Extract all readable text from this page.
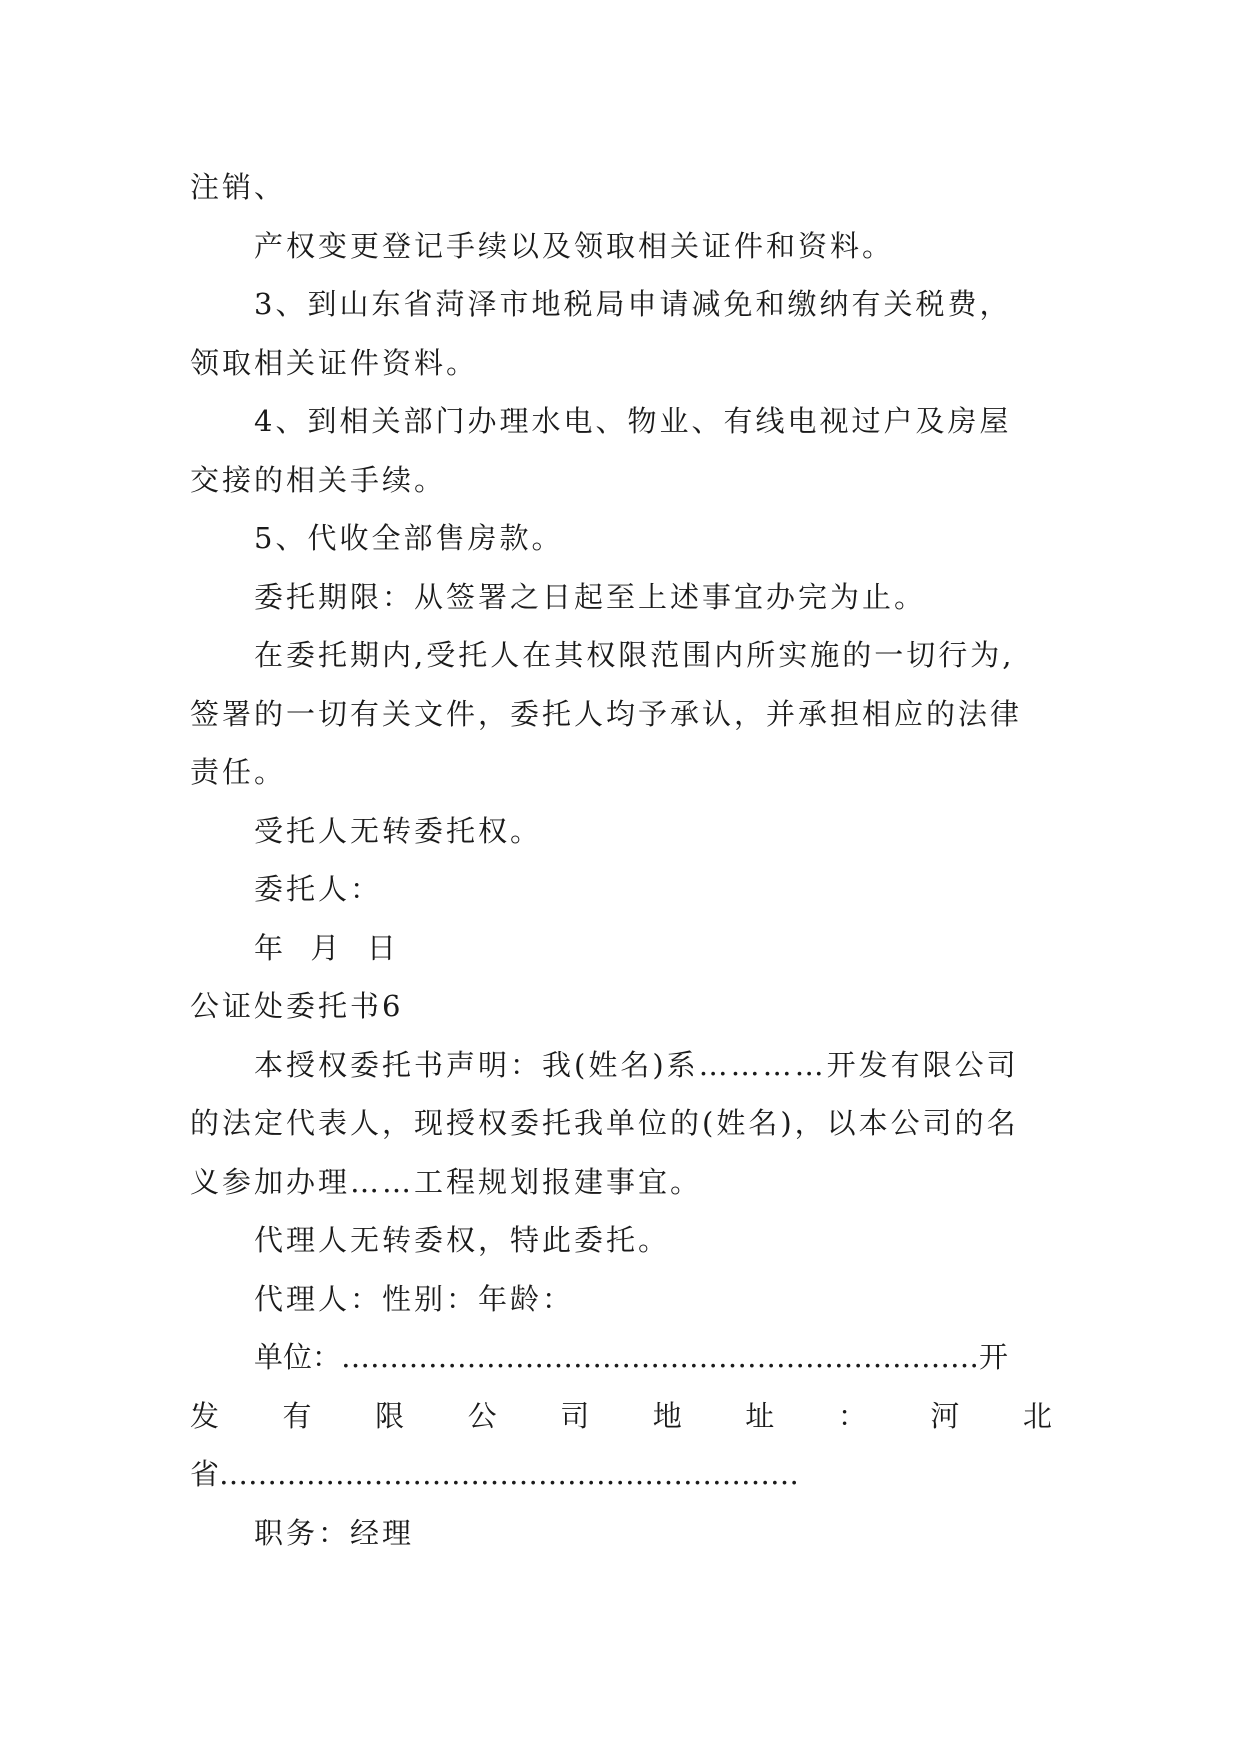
注销、
产权变更登记手续以及领取相关证件和资料。
3、到山东省菏泽市地税局申请减免和缴纳有关税费，
领取相关证件资料。
4、到相关部门办理水电、物业、有线电视过户及房屋
交接的相关手续。
5、代收全部售房款。
委托期限：从签署之日起至上述事宜办完为止。
在委托期内,受托人在其权限范围内所实施的一切行为,
签署的一切有关文件，委托人均予承认，并承担相应的法律
责任。
受托人无转委托权。
委托人：
年  月  日
公证处委托书6
本授权委托书声明：我(姓名)系…………开发有限公司
的法定代表人，现授权委托我单位的(姓名)，以本公司的名
义参加办理……工程规划报建事宜。
代理人无转委权，特此委托。
代理人：性别：年龄：
单位：…………………………………………………………开
发 有 限 公 司 地 址 ： 河 北
省……………………………………………………
职务：经理
